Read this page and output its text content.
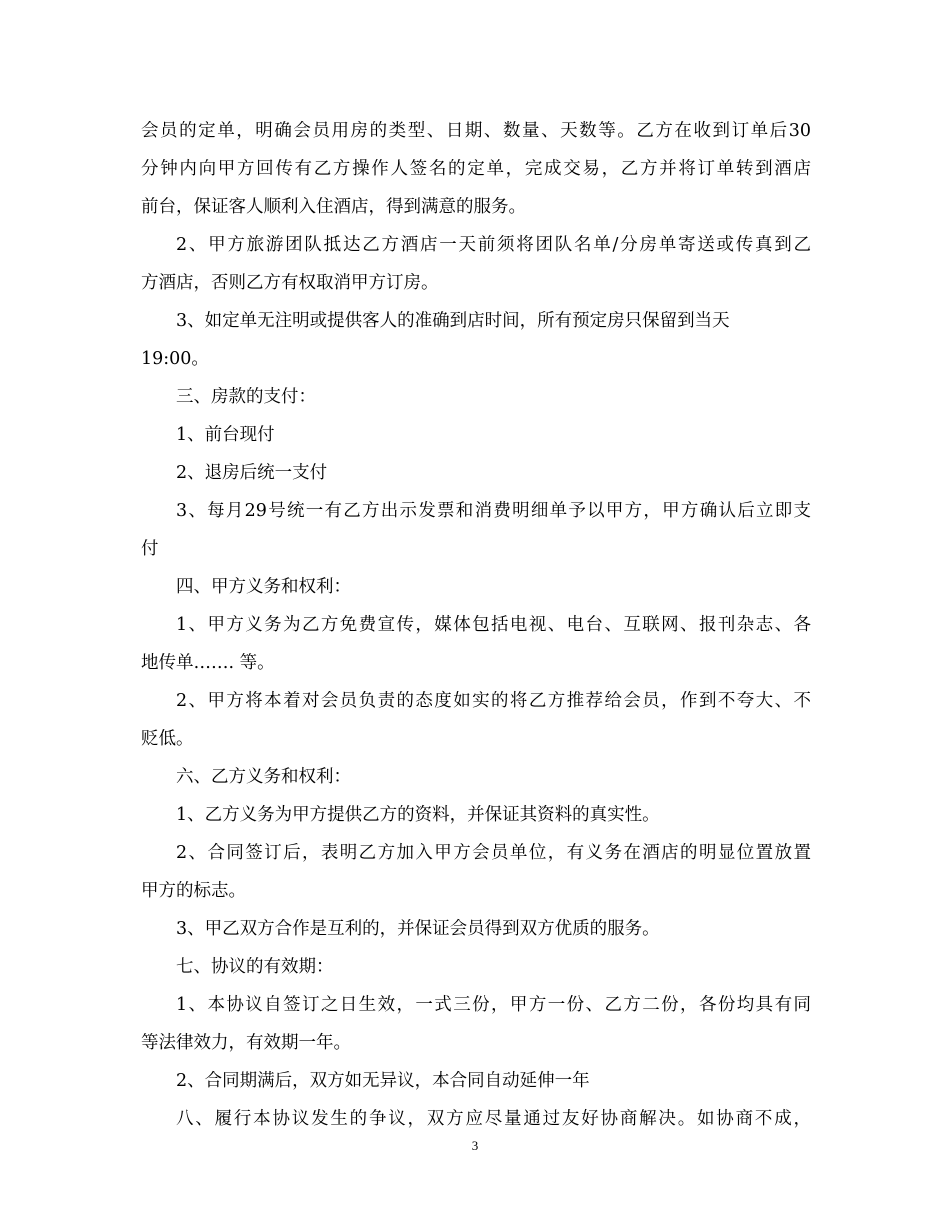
会员的定单，明确会员用房的类型、日期、数量、天数等。乙方在收到订单后30
分钟内向甲方回传有乙方操作人签名的定单，完成交易，乙方并将订单转到酒店
前台，保证客人顺利入住酒店，得到满意的服务。
2、甲方旅游团队抵达乙方酒店一天前须将团队名单/分房单寄送或传真到乙
方酒店，否则乙方有权取消甲方订房。
3、如定单无注明或提供客人的准确到店时间，所有预定房只保留到当天
19:00。
三、房款的支付：
1、前台现付
2、退房后统一支付
3、每月29号统一有乙方出示发票和消费明细单予以甲方，甲方确认后立即支
付
四、甲方义务和权利：
1、甲方义务为乙方免费宣传，媒体包括电视、电台、互联网、报刊杂志、各
地传单……. 等。
2、甲方将本着对会员负责的态度如实的将乙方推荐给会员，作到不夸大、不
贬低。
六、乙方义务和权利：
1、乙方义务为甲方提供乙方的资料，并保证其资料的真实性。
2、合同签订后，表明乙方加入甲方会员单位，有义务在酒店的明显位置放置
甲方的标志。
3、甲乙双方合作是互利的，并保证会员得到双方优质的服务。
七、协议的有效期：
1、本协议自签订之日生效，一式三份，甲方一份、乙方二份，各份均具有同
等法律效力，有效期一年。
2、合同期满后，双方如无异议，本合同自动延伸一年
八、履行本协议发生的争议，双方应尽量通过友好协商解决。如协商不成，
3
